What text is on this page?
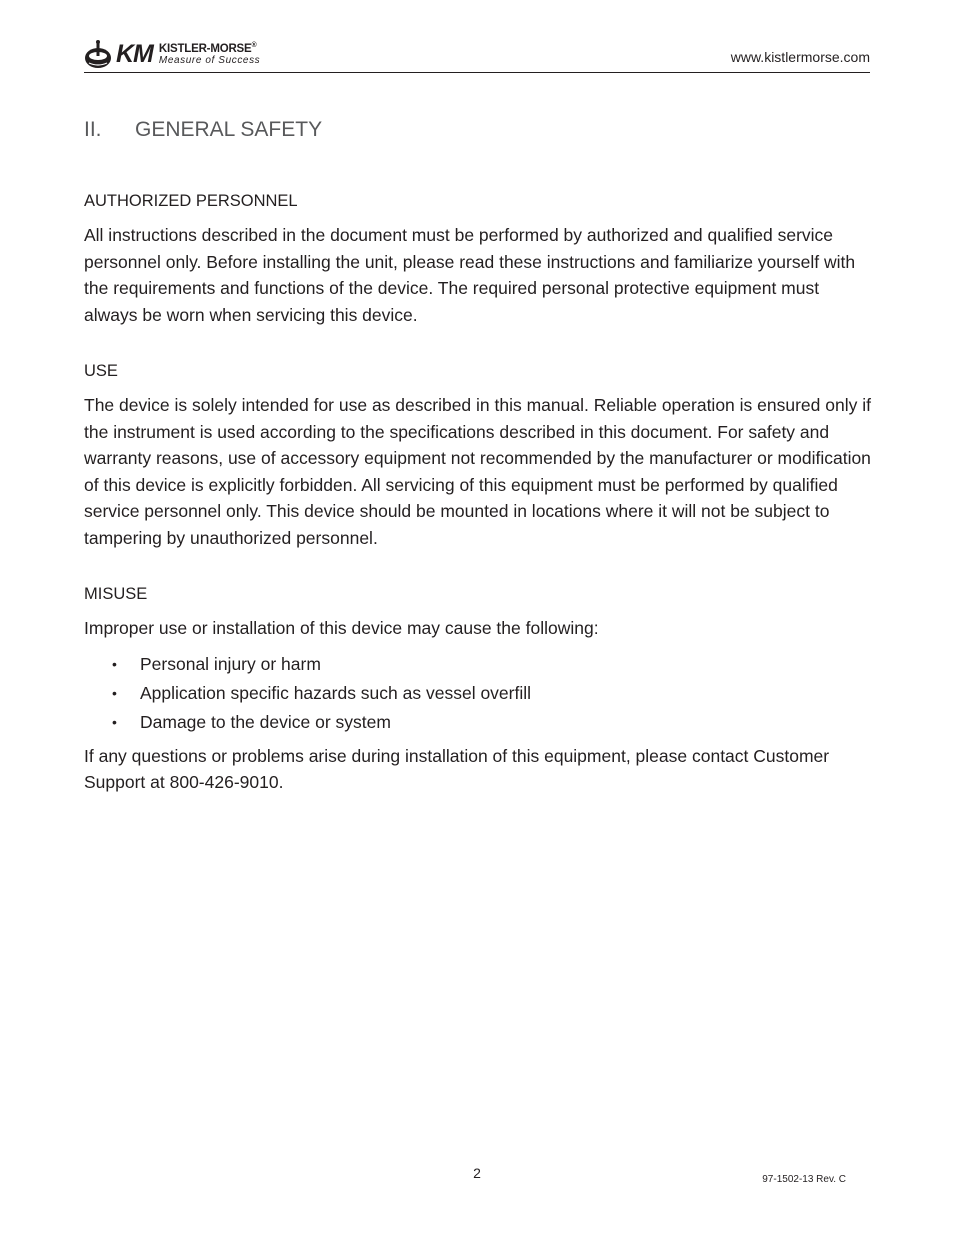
KM KISTLER-MORSE®
Measure of Success	www.kistlermorse.com
II.	GENERAL SAFETY

AUTHORIZED PERSONNEL

All instructions described in the document must be performed by authorized and qualified service personnel only. Before installing the unit, please read these instructions and familiarize yourself with the requirements and functions of the device. The required personal protective equipment must always be worn when servicing this device.

USE

The device is solely intended for use as described in this manual. Reliable operation is ensured only if the instrument is used according to the specifications described in this document. For safety and warranty reasons, use of accessory equipment not recommended by the manufacturer or modification of this device is explicitly forbidden. All servicing of this equipment must be performed by qualified service personnel only. This device should be mounted in locations where it will not be subject to tampering by unauthorized personnel.

MISUSE

Improper use or installation of this device may cause the following:

•	Personal injury or harm
•	Application specific hazards such as vessel overfill
•	Damage to the device or system

If any questions or problems arise during installation of this equipment, please contact Customer Support at 800-426-9010.

2	97-1502-13 Rev. C
